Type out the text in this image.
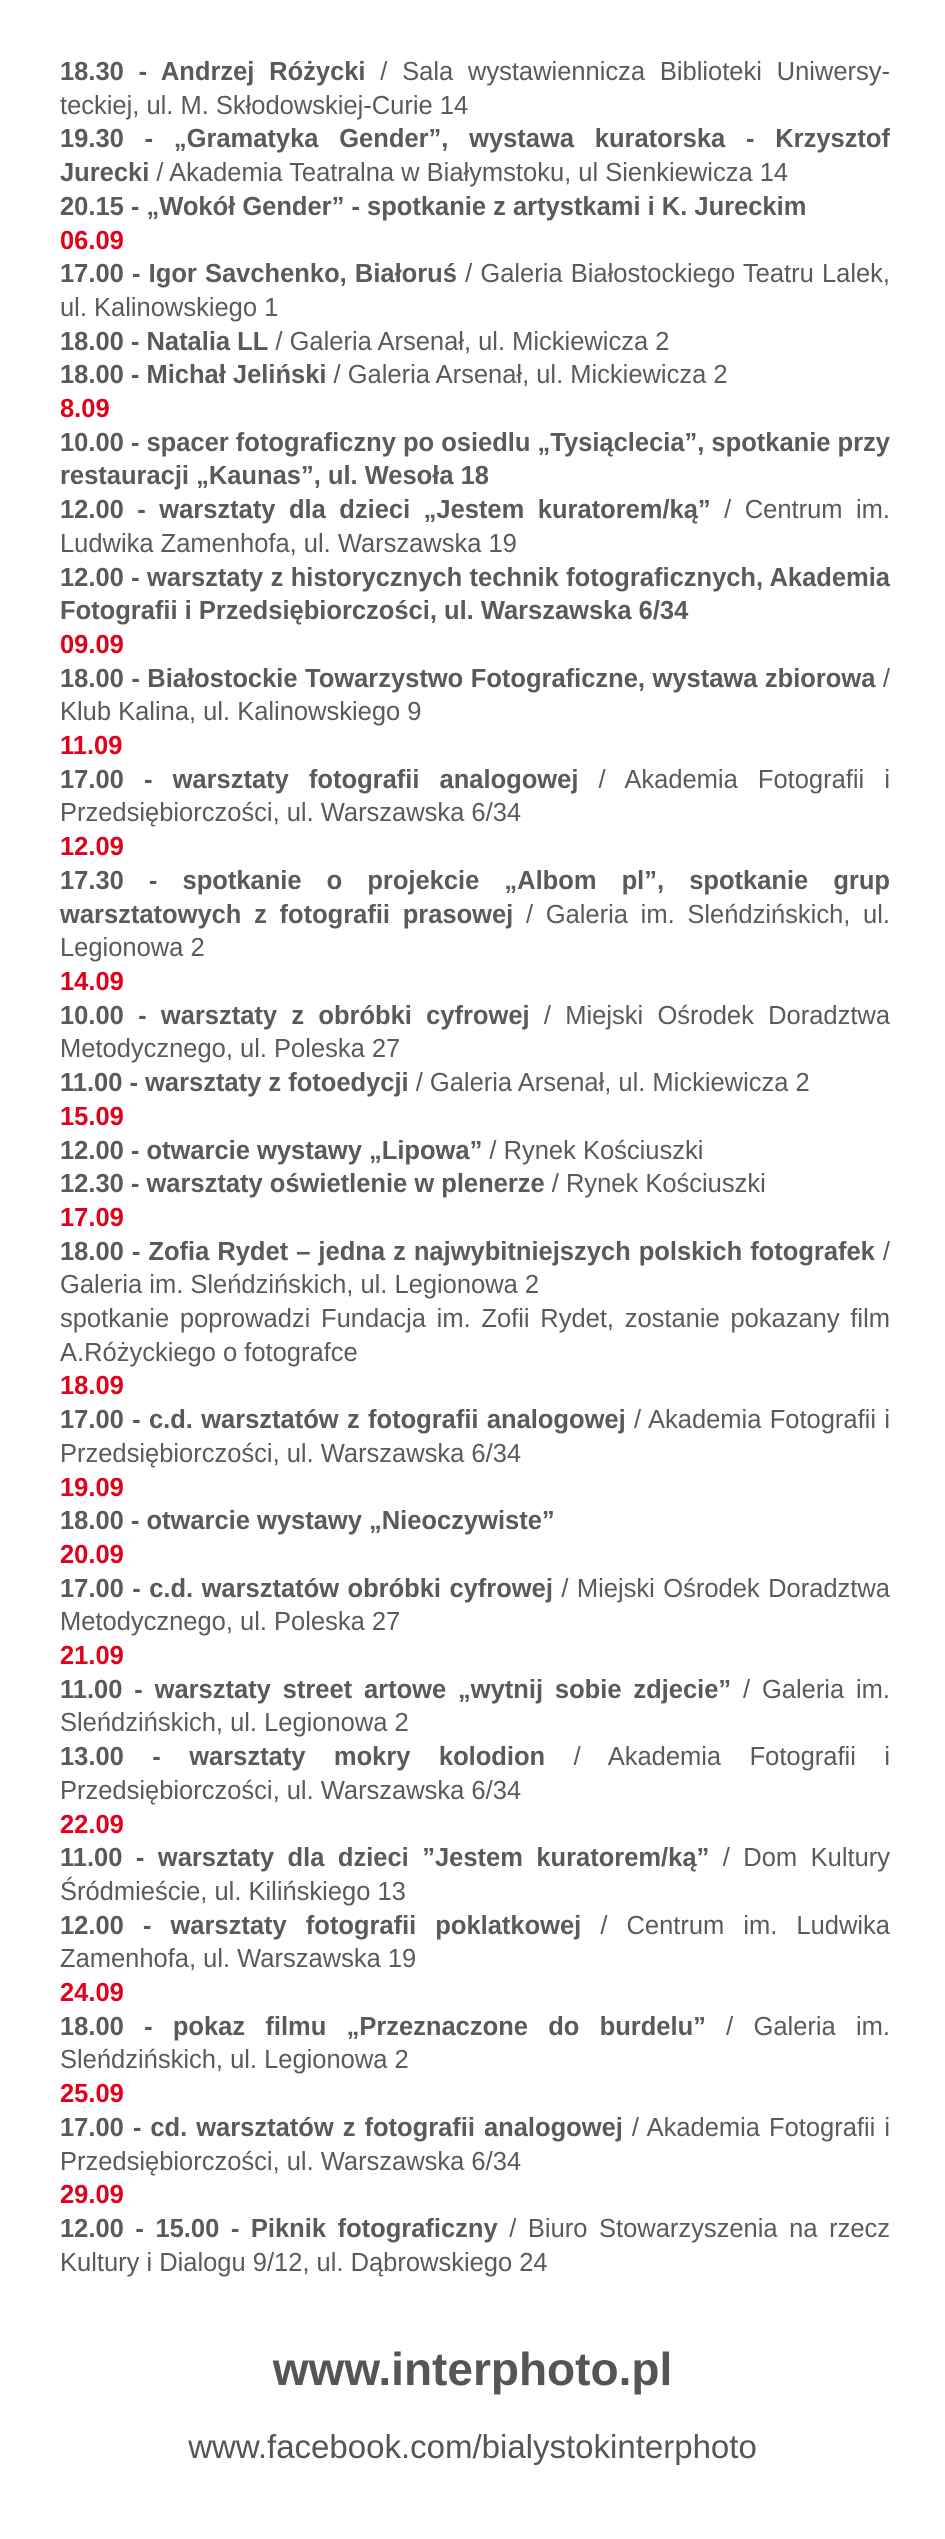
18.30 - Andrzej Różycki / Sala wystawiennicza Biblioteki Uniwersy-teckiej, ul. M. Skłodowskiej-Curie 14

19.30 - „Gramatyka Gender”, wystawa kuratorska - Krzysztof Jurecki / Akademia Teatralna w Białymstoku, ul Sienkiewicza 14

20.15 - „Wokół Gender” - spotkanie z artystkami i K. Jureckim

06.09

17.00 - Igor Savchenko, Białoruś / Galeria Białostockiego Teatru Lalek, ul. Kalinowskiego 1

18.00 - Natalia LL / Galeria Arsenał, ul. Mickiewicza 2

18.00 - Michał Jeliński / Galeria Arsenał, ul. Mickiewicza 2

8.09

10.00 - spacer fotograficzny po osiedlu „Tysiąclecia”, spotkanie przy restauracji „Kaunas”, ul. Wesoła 18

12.00 - warsztaty dla dzieci „Jestem kuratorem/ką” / Centrum im. Ludwika Zamenhofa, ul. Warszawska 19

12.00 - warsztaty z historycznych technik fotograficznych, Akademia Fotografii i Przedsiębiorczości, ul. Warszawska 6/34

09.09

18.00 - Białostockie Towarzystwo Fotograficzne, wystawa zbiorowa / Klub Kalina, ul. Kalinowskiego 9

11.09

17.00 - warsztaty fotografii analogowej / Akademia Fotografii i Przedsiębiorczości, ul. Warszawska 6/34

12.09

17.30 - spotkanie o projekcie „Albom pl”, spotkanie grup warsztatowych z fotografii prasowej / Galeria im. Sleńdzińskich, ul. Legionowa 2

14.09

10.00 - warsztaty z obróbki cyfrowej / Miejski Ośrodek Doradztwa Metodycznego, ul. Poleska 27

11.00 - warsztaty z fotoedycji / Galeria Arsenał, ul. Mickiewicza 2

15.09

12.00 - otwarcie wystawy „Lipowa” / Rynek Kościuszki

12.30 - warsztaty oświetlenie w plenerze / Rynek Kościuszki

17.09

18.00 - Zofia Rydet – jedna z najwybitniejszych polskich fotografek / Galeria im. Sleńdzińskich, ul. Legionowa 2

spotkanie poprowadzi Fundacja im. Zofii Rydet, zostanie pokazany film A.Różyckiego o fotografce

18.09

17.00 - c.d. warsztatów z fotografii analogowej / Akademia Fotografii i Przedsiębiorczości, ul. Warszawska 6/34

19.09

18.00 - otwarcie wystawy „Nieoczywiste”

20.09

17.00 - c.d. warsztatów obróbki cyfrowej / Miejski Ośrodek Doradztwa Metodycznego, ul. Poleska 27

21.09

11.00 - warsztaty street artowe „wytnij sobie zdjecie” / Galeria im. Sleńdzińskich, ul. Legionowa 2

13.00 - warsztaty mokry kolodion / Akademia Fotografii i Przedsiębiorczości, ul. Warszawska 6/34

22.09

11.00 - warsztaty dla dzieci ”Jestem kuratorem/ką” / Dom Kultury Śródmieście, ul. Kilińskiego 13

12.00 - warsztaty fotografii poklatkowej / Centrum im. Ludwika Zamenhofa, ul. Warszawska 19

24.09

18.00 - pokaz filmu „Przeznaczone do burdelu” / Galeria im. Sleńdzińskich, ul. Legionowa 2

25.09

17.00 - cd. warsztatów z fotografii analogowej / Akademia Fotografii i Przedsiębiorczości, ul. Warszawska 6/34

29.09

12.00 - 15.00 - Piknik fotograficzny / Biuro Stowarzyszenia na rzecz Kultury i Dialogu 9/12, ul. Dąbrowskiego 24

www.interphoto.pl
www.facebook.com/bialystokinterphoto
